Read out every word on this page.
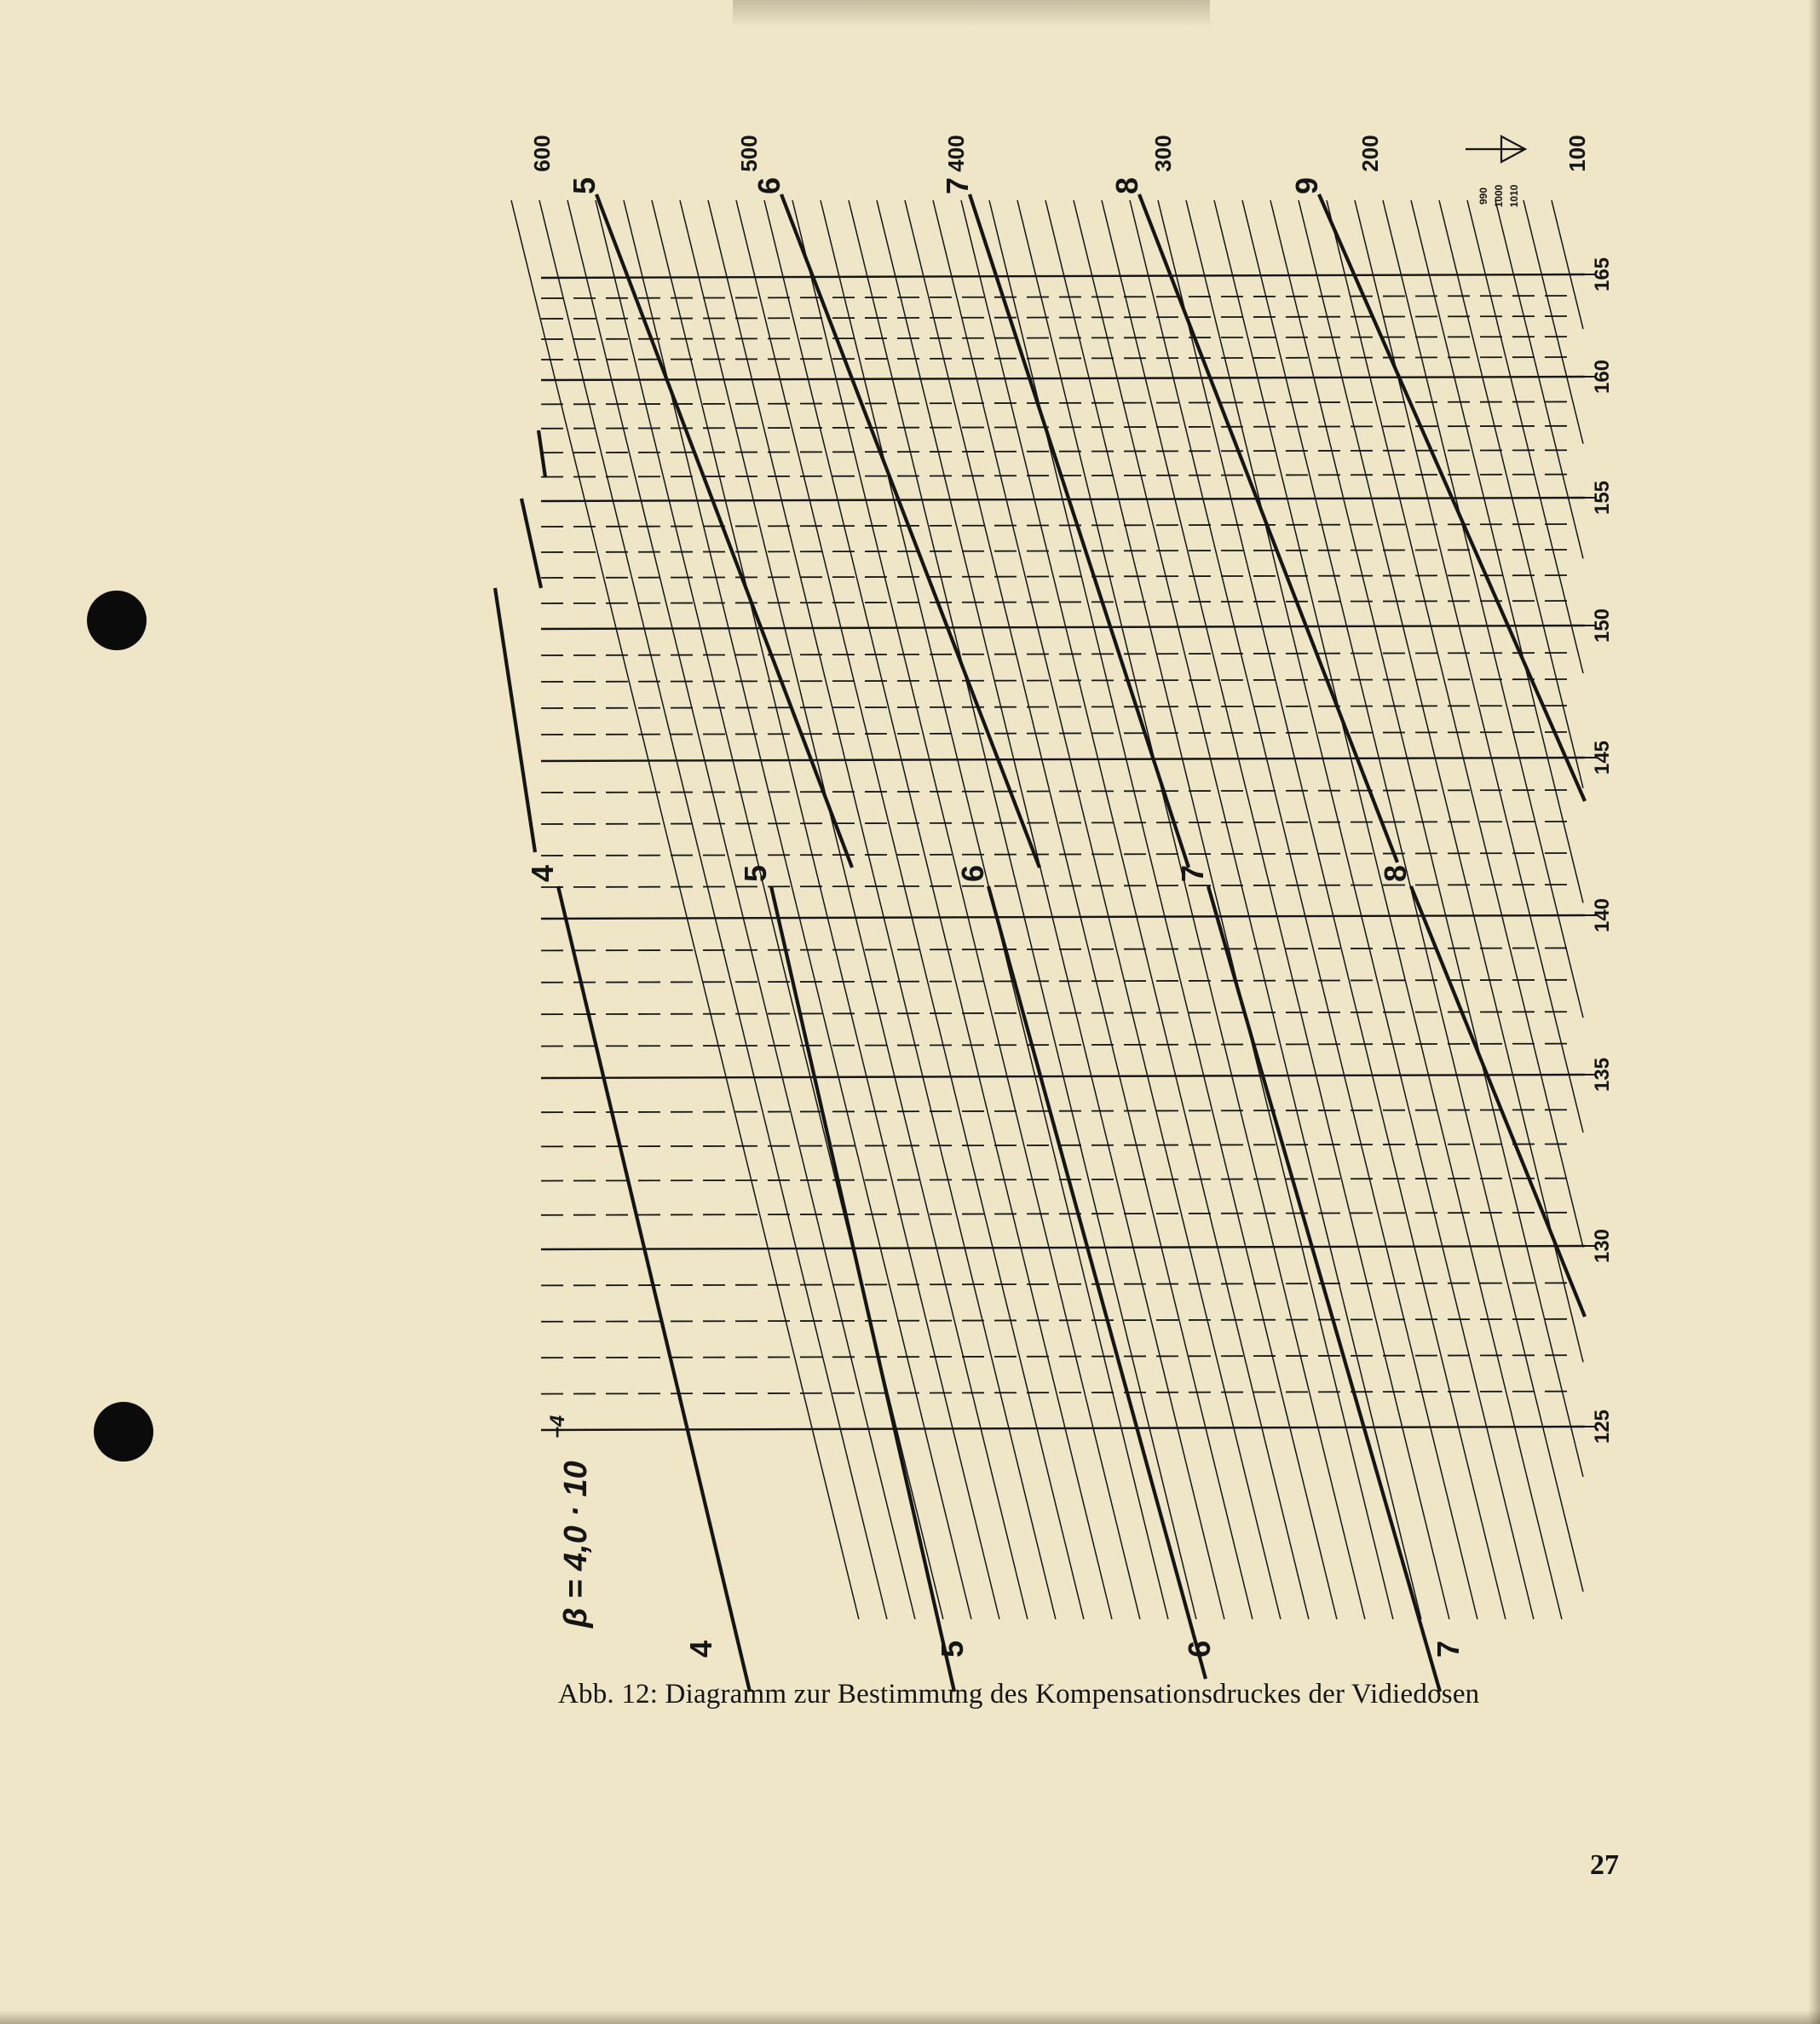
165
160
155
150
145
140
135
130
125
5	6	7	8	9
4	5	6	7	8
4	5	6	7
600	500	400	300	200	100
990 1000 1010
β = 4,0 · 10
−4
Abb. 12: Diagramm zur Bestimmung des Kompensationsdruckes der Vidiedosen
27
